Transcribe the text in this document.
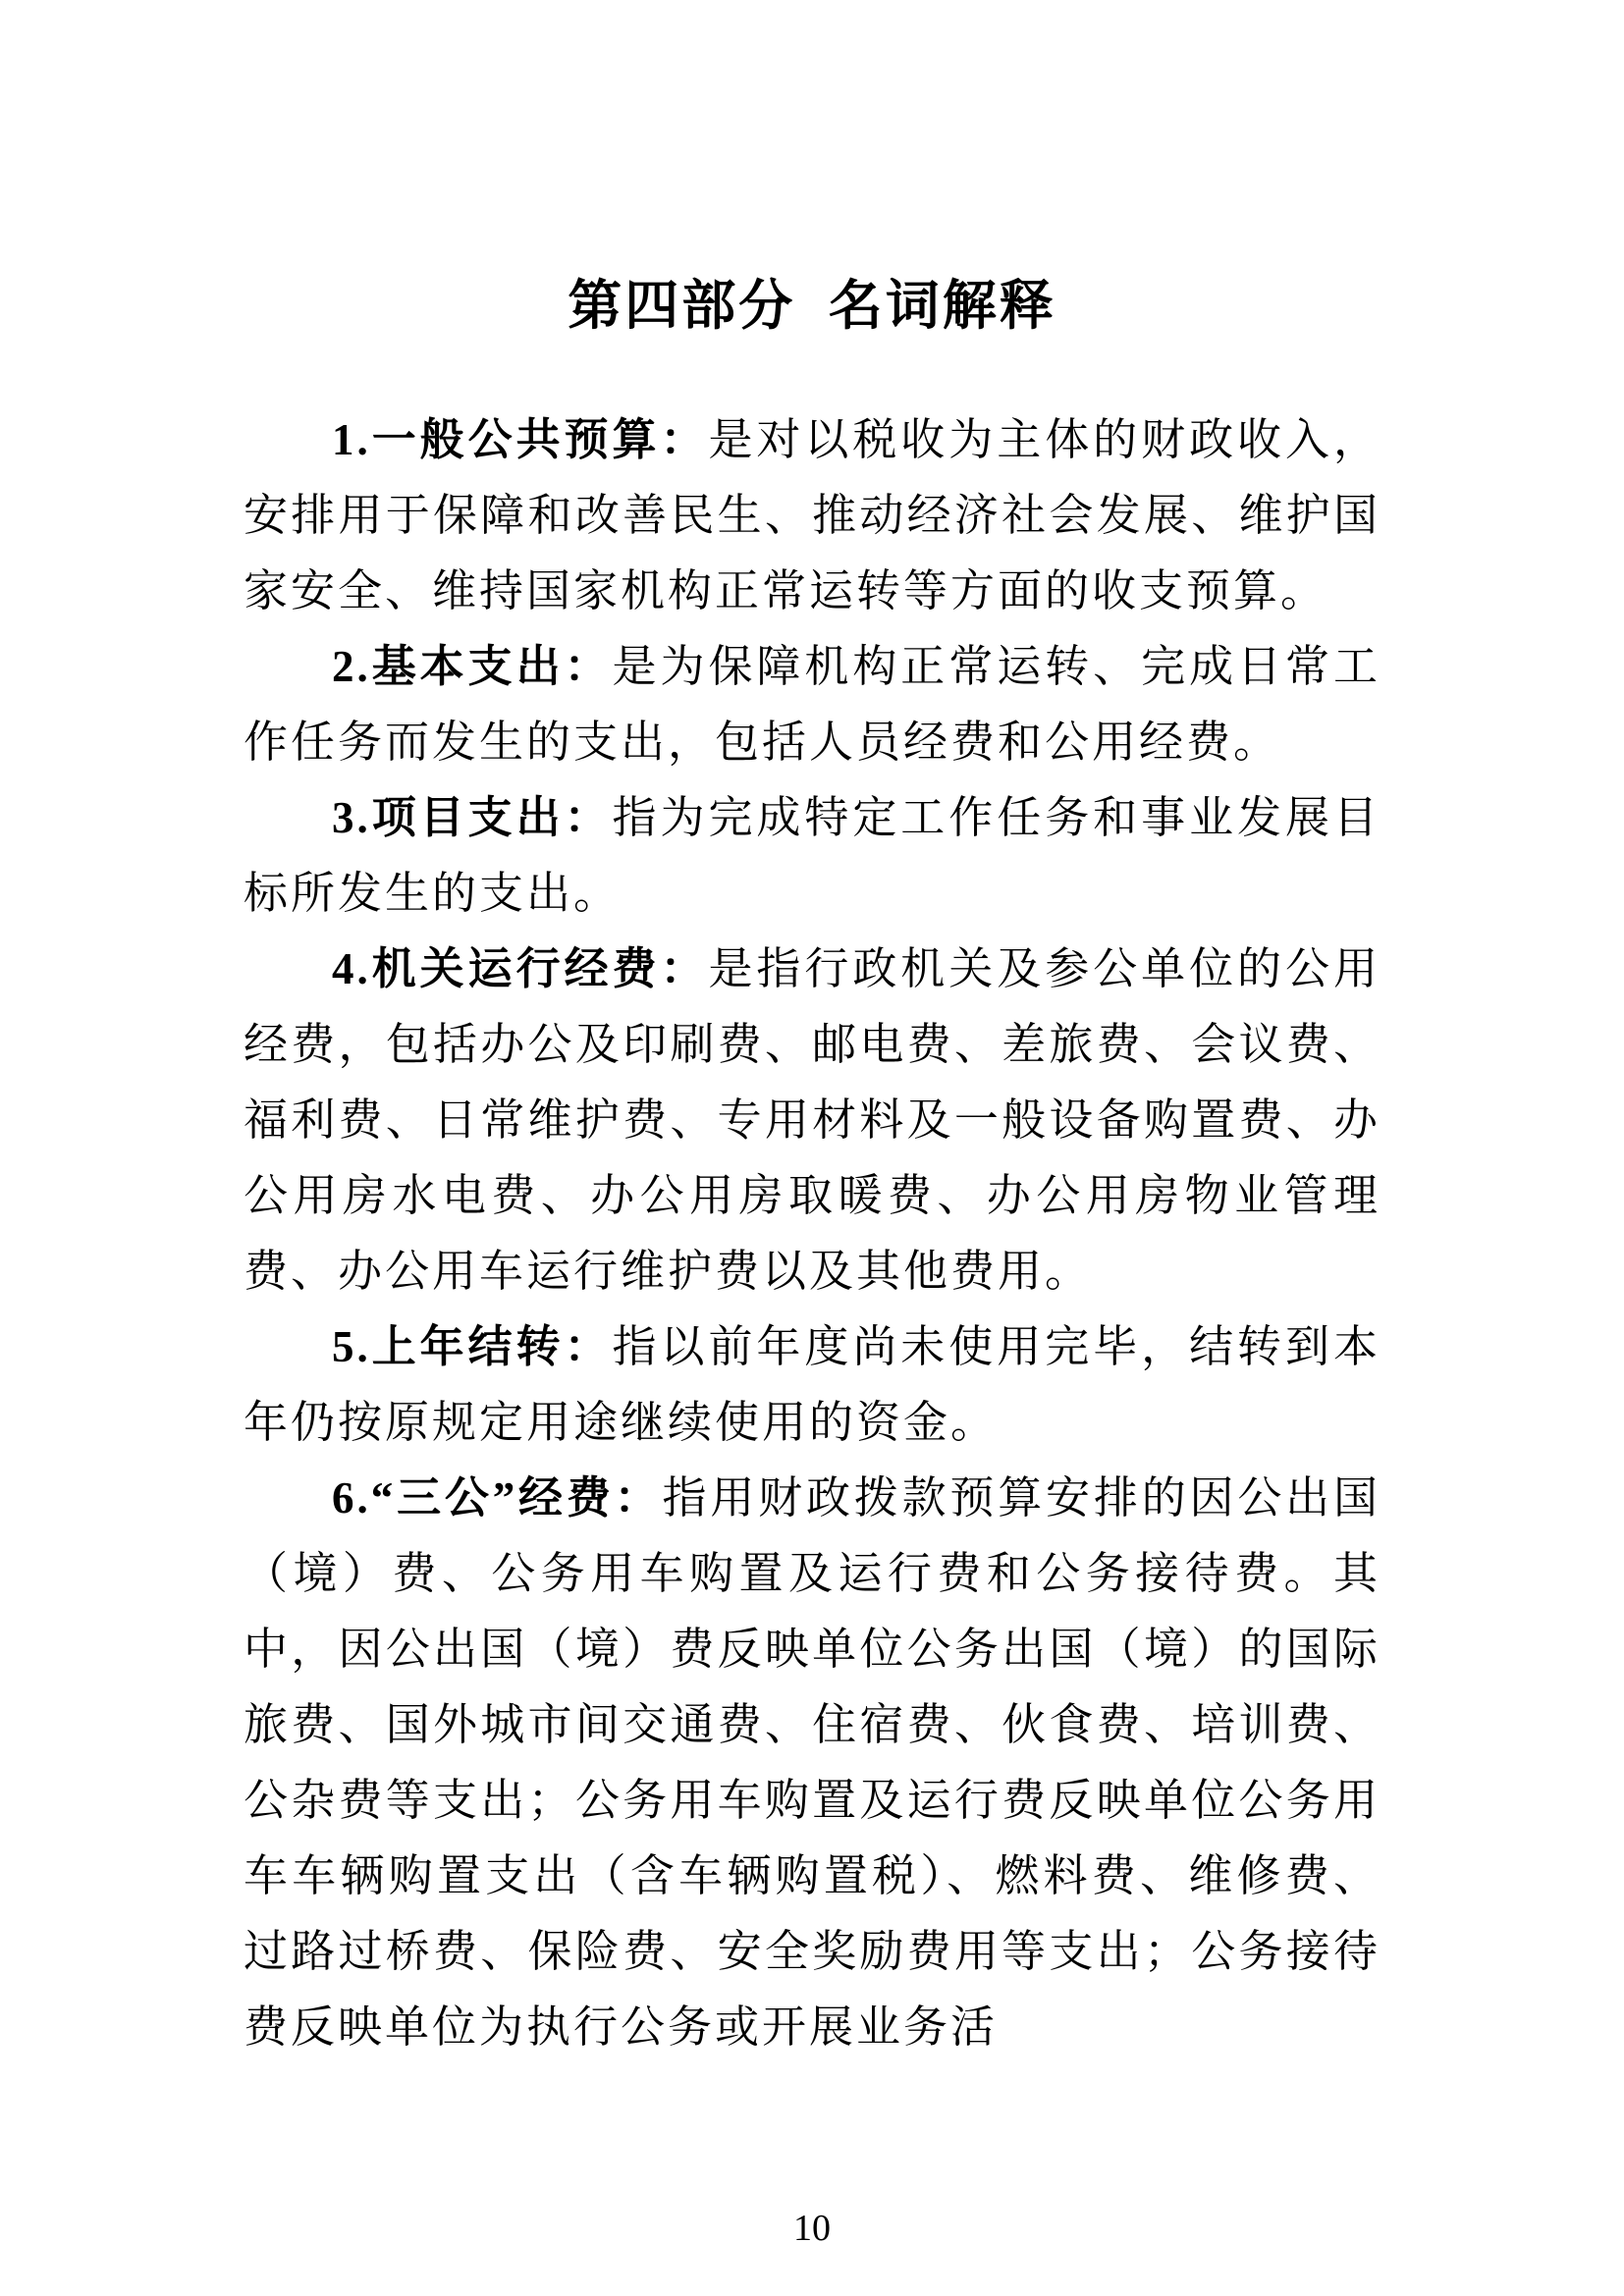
第四部分  名词解释

1.一般公共预算：是对以税收为主体的财政收入，安排用于保障和改善民生、推动经济社会发展、维护国家安全、维持国家机构正常运转等方面的收支预算。

2.基本支出：是为保障机构正常运转、完成日常工作任务而发生的支出，包括人员经费和公用经费。

3.项目支出：指为完成特定工作任务和事业发展目标所发生的支出。

4.机关运行经费：是指行政机关及参公单位的公用经费，包括办公及印刷费、邮电费、差旅费、会议费、福利费、日常维护费、专用材料及一般设备购置费、办公用房水电费、办公用房取暖费、办公用房物业管理费、办公用车运行维护费以及其他费用。

5.上年结转：指以前年度尚未使用完毕，结转到本年仍按原规定用途继续使用的资金。

6.“三公”经费：指用财政拨款预算安排的因公出国（境）费、公务用车购置及运行费和公务接待费。其中，因公出国（境）费反映单位公务出国（境）的国际旅费、国外城市间交通费、住宿费、伙食费、培训费、公杂费等支出；公务用车购置及运行费反映单位公务用车车辆购置支出（含车辆购置税）、燃料费、维修费、过路过桥费、保险费、安全奖励费用等支出；公务接待费反映单位为执行公务或开展业务活

10
